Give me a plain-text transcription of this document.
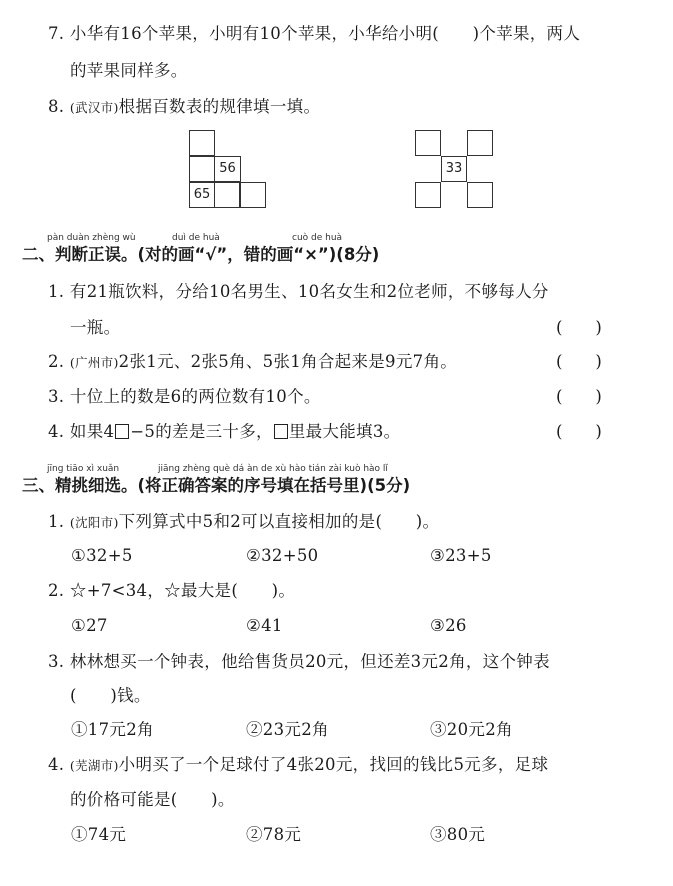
7. 小华有16个苹果，小明有10个苹果，小华给小明(　　)个苹果，两人
的苹果同样多。
8. (武汉市)根据百数表的规律填一填。
56
65
33
pàn duàn zhèng wù	duì de huà	cuò de huà
二、判断正误。(对的画“√”，错的画“×”)(8分)
1. 有21瓶饮料，分给10名男生、10名女生和2位老师，不够每人分
一瓶。	(　　)
2. (广州市)2张1元、2张5角、5张1角合起来是9元7角。	(　　)
3. 十位上的数是6的两位数有10个。	(　　)
4. 如果4 −5的差是三十多， 里最大能填3。	(　　)
jīng tiāo xì xuǎn	jiāng zhèng què dá àn de xù hào tián zài kuò hào lǐ
三、精挑细选。(将正确答案的序号填在括号里)(5分)
1. (沈阳市)下列算式中5和2可以直接相加的是(　　)。
①32+5	②32+50	③23+5
2. ☆+7<34，☆最大是(　　)。
①27	②41	③26
3. 林林想买一个钟表，他给售货员20元，但还差3元2角，这个钟表
(　　)钱。
①17元2角	②23元2角	③20元2角
4. (芜湖市)小明买了一个足球付了4张20元，找回的钱比5元多，足球
的价格可能是(　　)。
①74元	②78元	③80元
